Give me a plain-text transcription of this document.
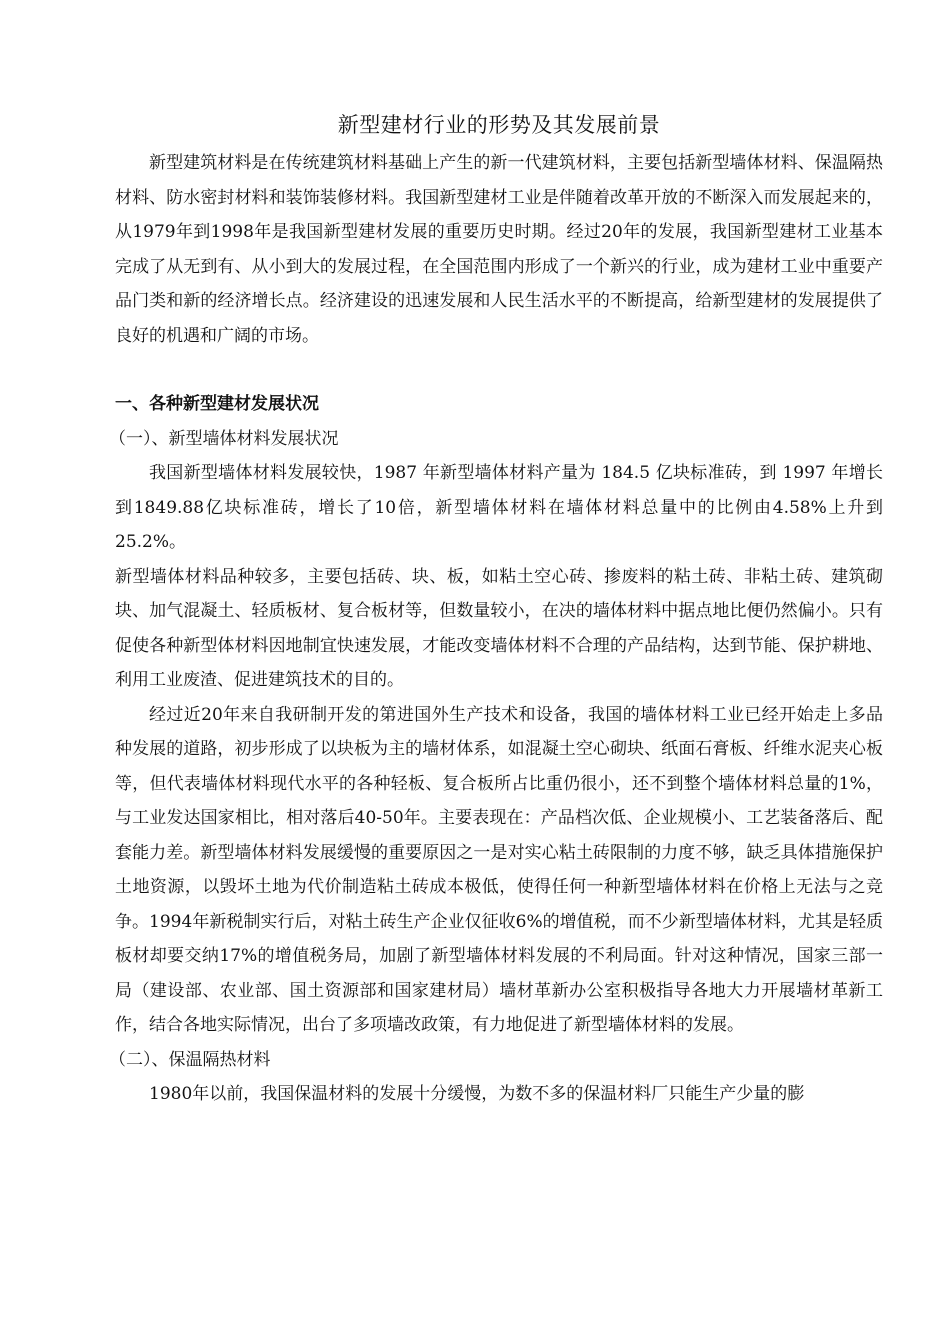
新型建材行业的形势及其发展前景

新型建筑材料是在传统建筑材料基础上产生的新一代建筑材料，主要包括新型墙体材料、保温隔热材料、防水密封材料和装饰装修材料。我国新型建材工业是伴随着改革开放的不断深入而发展起来的，从1979年到1998年是我国新型建材发展的重要历史时期。经过20年的发展，我国新型建材工业基本完成了从无到有、从小到大的发展过程，在全国范围内形成了一个新兴的行业，成为建材工业中重要产品门类和新的经济增长点。经济建设的迅速发展和人民生活水平的不断提高，给新型建材的发展提供了良好的机遇和广阔的市场。

一、各种新型建材发展状况
（一）、新型墙体材料发展状况

我国新型墙体材料发展较快，1987 年新型墙体材料产量为 184.5 亿块标准砖，到 1997 年增长到1849.88亿块标准砖，增长了10倍，新型墙体材料在墙体材料总量中的比例由4.58%上升到25.2%。

新型墙体材料品种较多，主要包括砖、块、板，如粘土空心砖、掺废料的粘土砖、非粘土砖、建筑砌块、加气混凝土、轻质板材、复合板材等，但数量较小，在决的墙体材料中据点地比便仍然偏小。只有促使各种新型体材料因地制宜快速发展，才能改变墙体材料不合理的产品结构，达到节能、保护耕地、利用工业废渣、促进建筑技术的目的。

经过近20年来自我研制开发的第进国外生产技术和设备，我国的墙体材料工业已经开始走上多品种发展的道路，初步形成了以块板为主的墙材体系，如混凝土空心砌块、纸面石膏板、纤维水泥夹心板等，但代表墙体材料现代水平的各种轻板、复合板所占比重仍很小，还不到整个墙体材料总量的1%，与工业发达国家相比，相对落后40-50年。主要表现在：产品档次低、企业规模小、工艺装备落后、配套能力差。新型墙体材料发展缓慢的重要原因之一是对实心粘土砖限制的力度不够，缺乏具体措施保护土地资源，以毁坏土地为代价制造粘土砖成本极低，使得任何一种新型墙体材料在价格上无法与之竞争。1994年新税制实行后，对粘土砖生产企业仅征收6%的增值税，而不少新型墙体材料，尤其是轻质板材却要交纳17%的增值税务局，加剧了新型墙体材料发展的不利局面。针对这种情况，国家三部一局（建设部、农业部、国土资源部和国家建材局）墙材革新办公室积极指导各地大力开展墙材革新工作，结合各地实际情况，出台了多项墙改政策，有力地促进了新型墙体材料的发展。

（二）、保温隔热材料

1980年以前，我国保温材料的发展十分缓慢，为数不多的保温材料厂只能生产少量的膨
